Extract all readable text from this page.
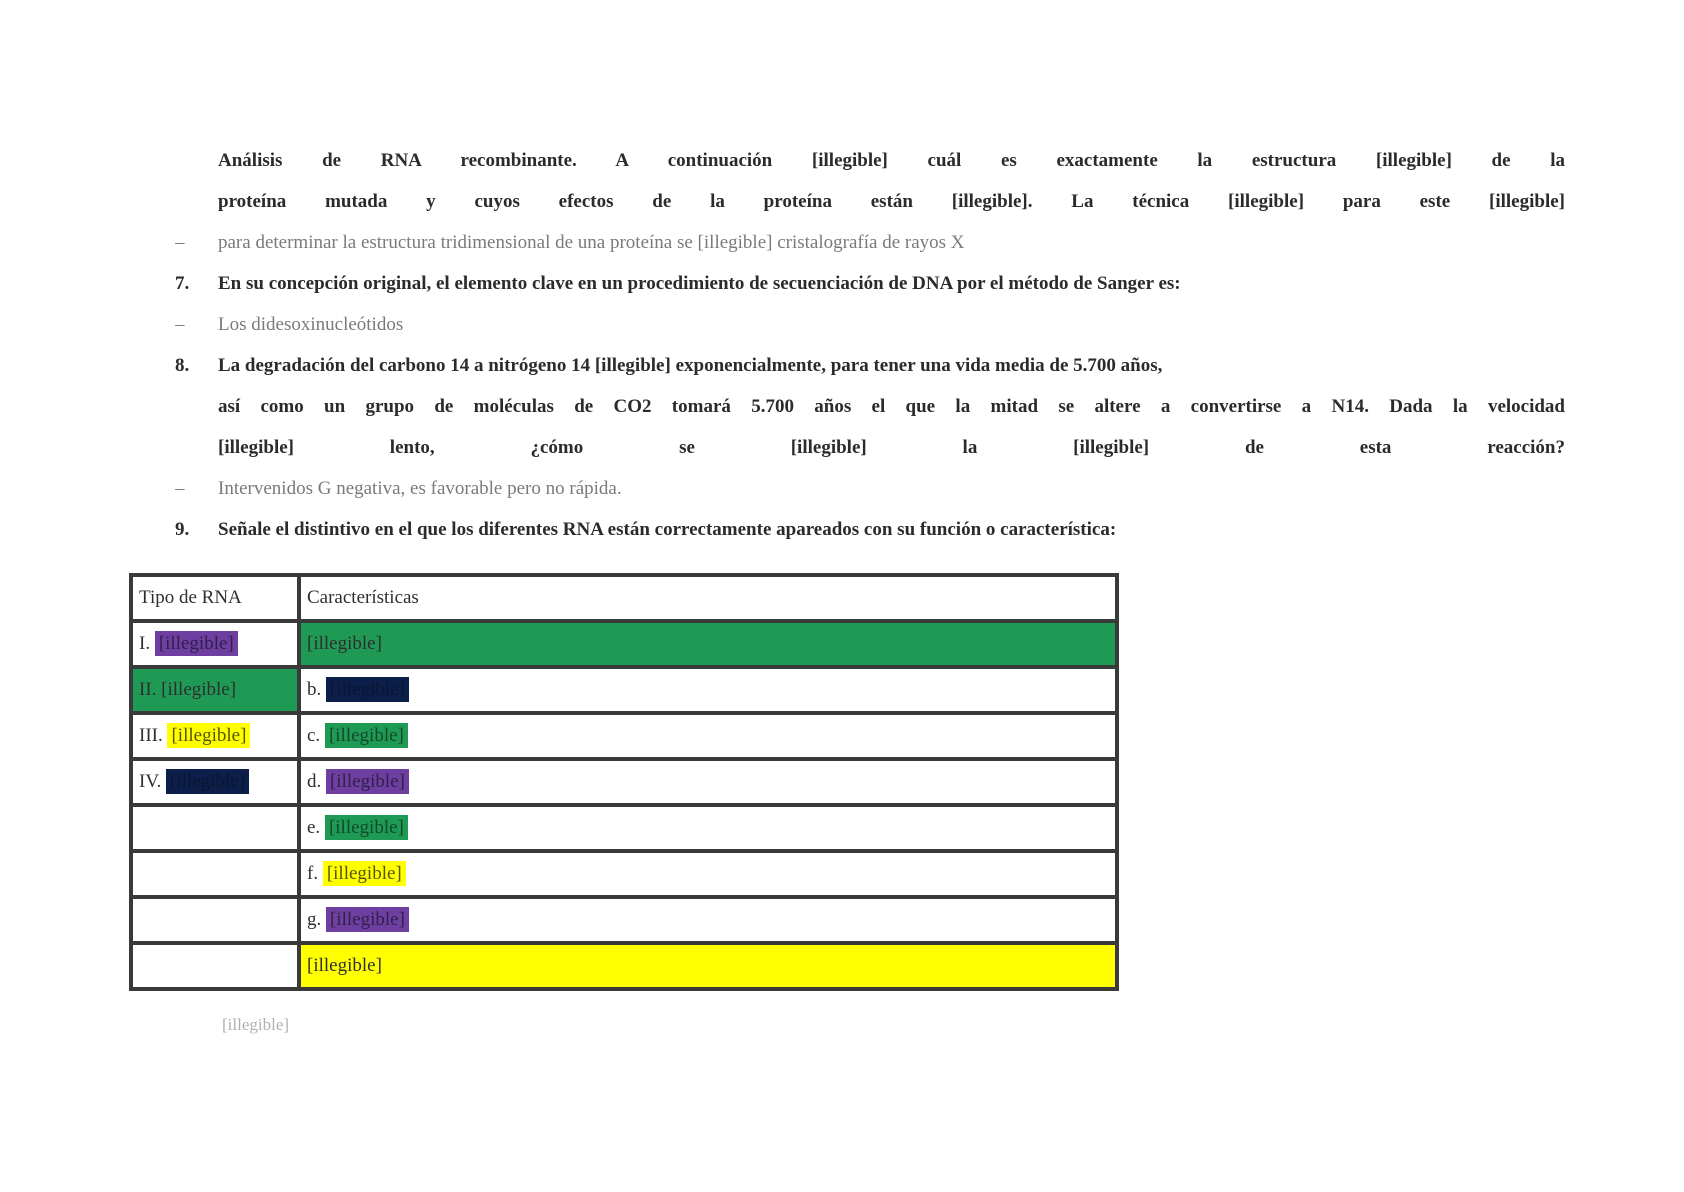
Análisis de RNA recombinante. A continuación [illegible] cuál es exactamente la estructura [illegible] de la
proteína mutada y cuyos efectos de la proteína están [illegible]. La técnica [illegible] para este [illegible]
–	para determinar la estructura tridimensional de una proteína se [illegible] cristalografía de rayos X
7.	En su concepción original, el elemento clave en un procedimiento de secuenciación de DNA por el método de Sanger es:
–	Los didesoxinucleótidos
8.	La degradación del carbono 14 a nitrógeno 14 [illegible] exponencialmente, para tener una vida media de 5.700 años,
así como un grupo de moléculas de CO2 tomará 5.700 años el que la mitad se altere a convertirse a N14. Dada la velocidad
[illegible] lento, ¿cómo se [illegible] la [illegible] de esta reacción?
–	Intervenidos G negativa, es favorable pero no rápida.
9.	Señale el distintivo en el que los diferentes RNA están correctamente apareados con su función o característica:
Tipo de RNA	Características
I. [illegible]	[illegible]
II. [illegible]	b. [illegible]
III. [illegible]	c. [illegible]
IV. [illegible]	d. [illegible]
	e. [illegible]
	f. [illegible]
	g. [illegible]
	[illegible]
[illegible]
